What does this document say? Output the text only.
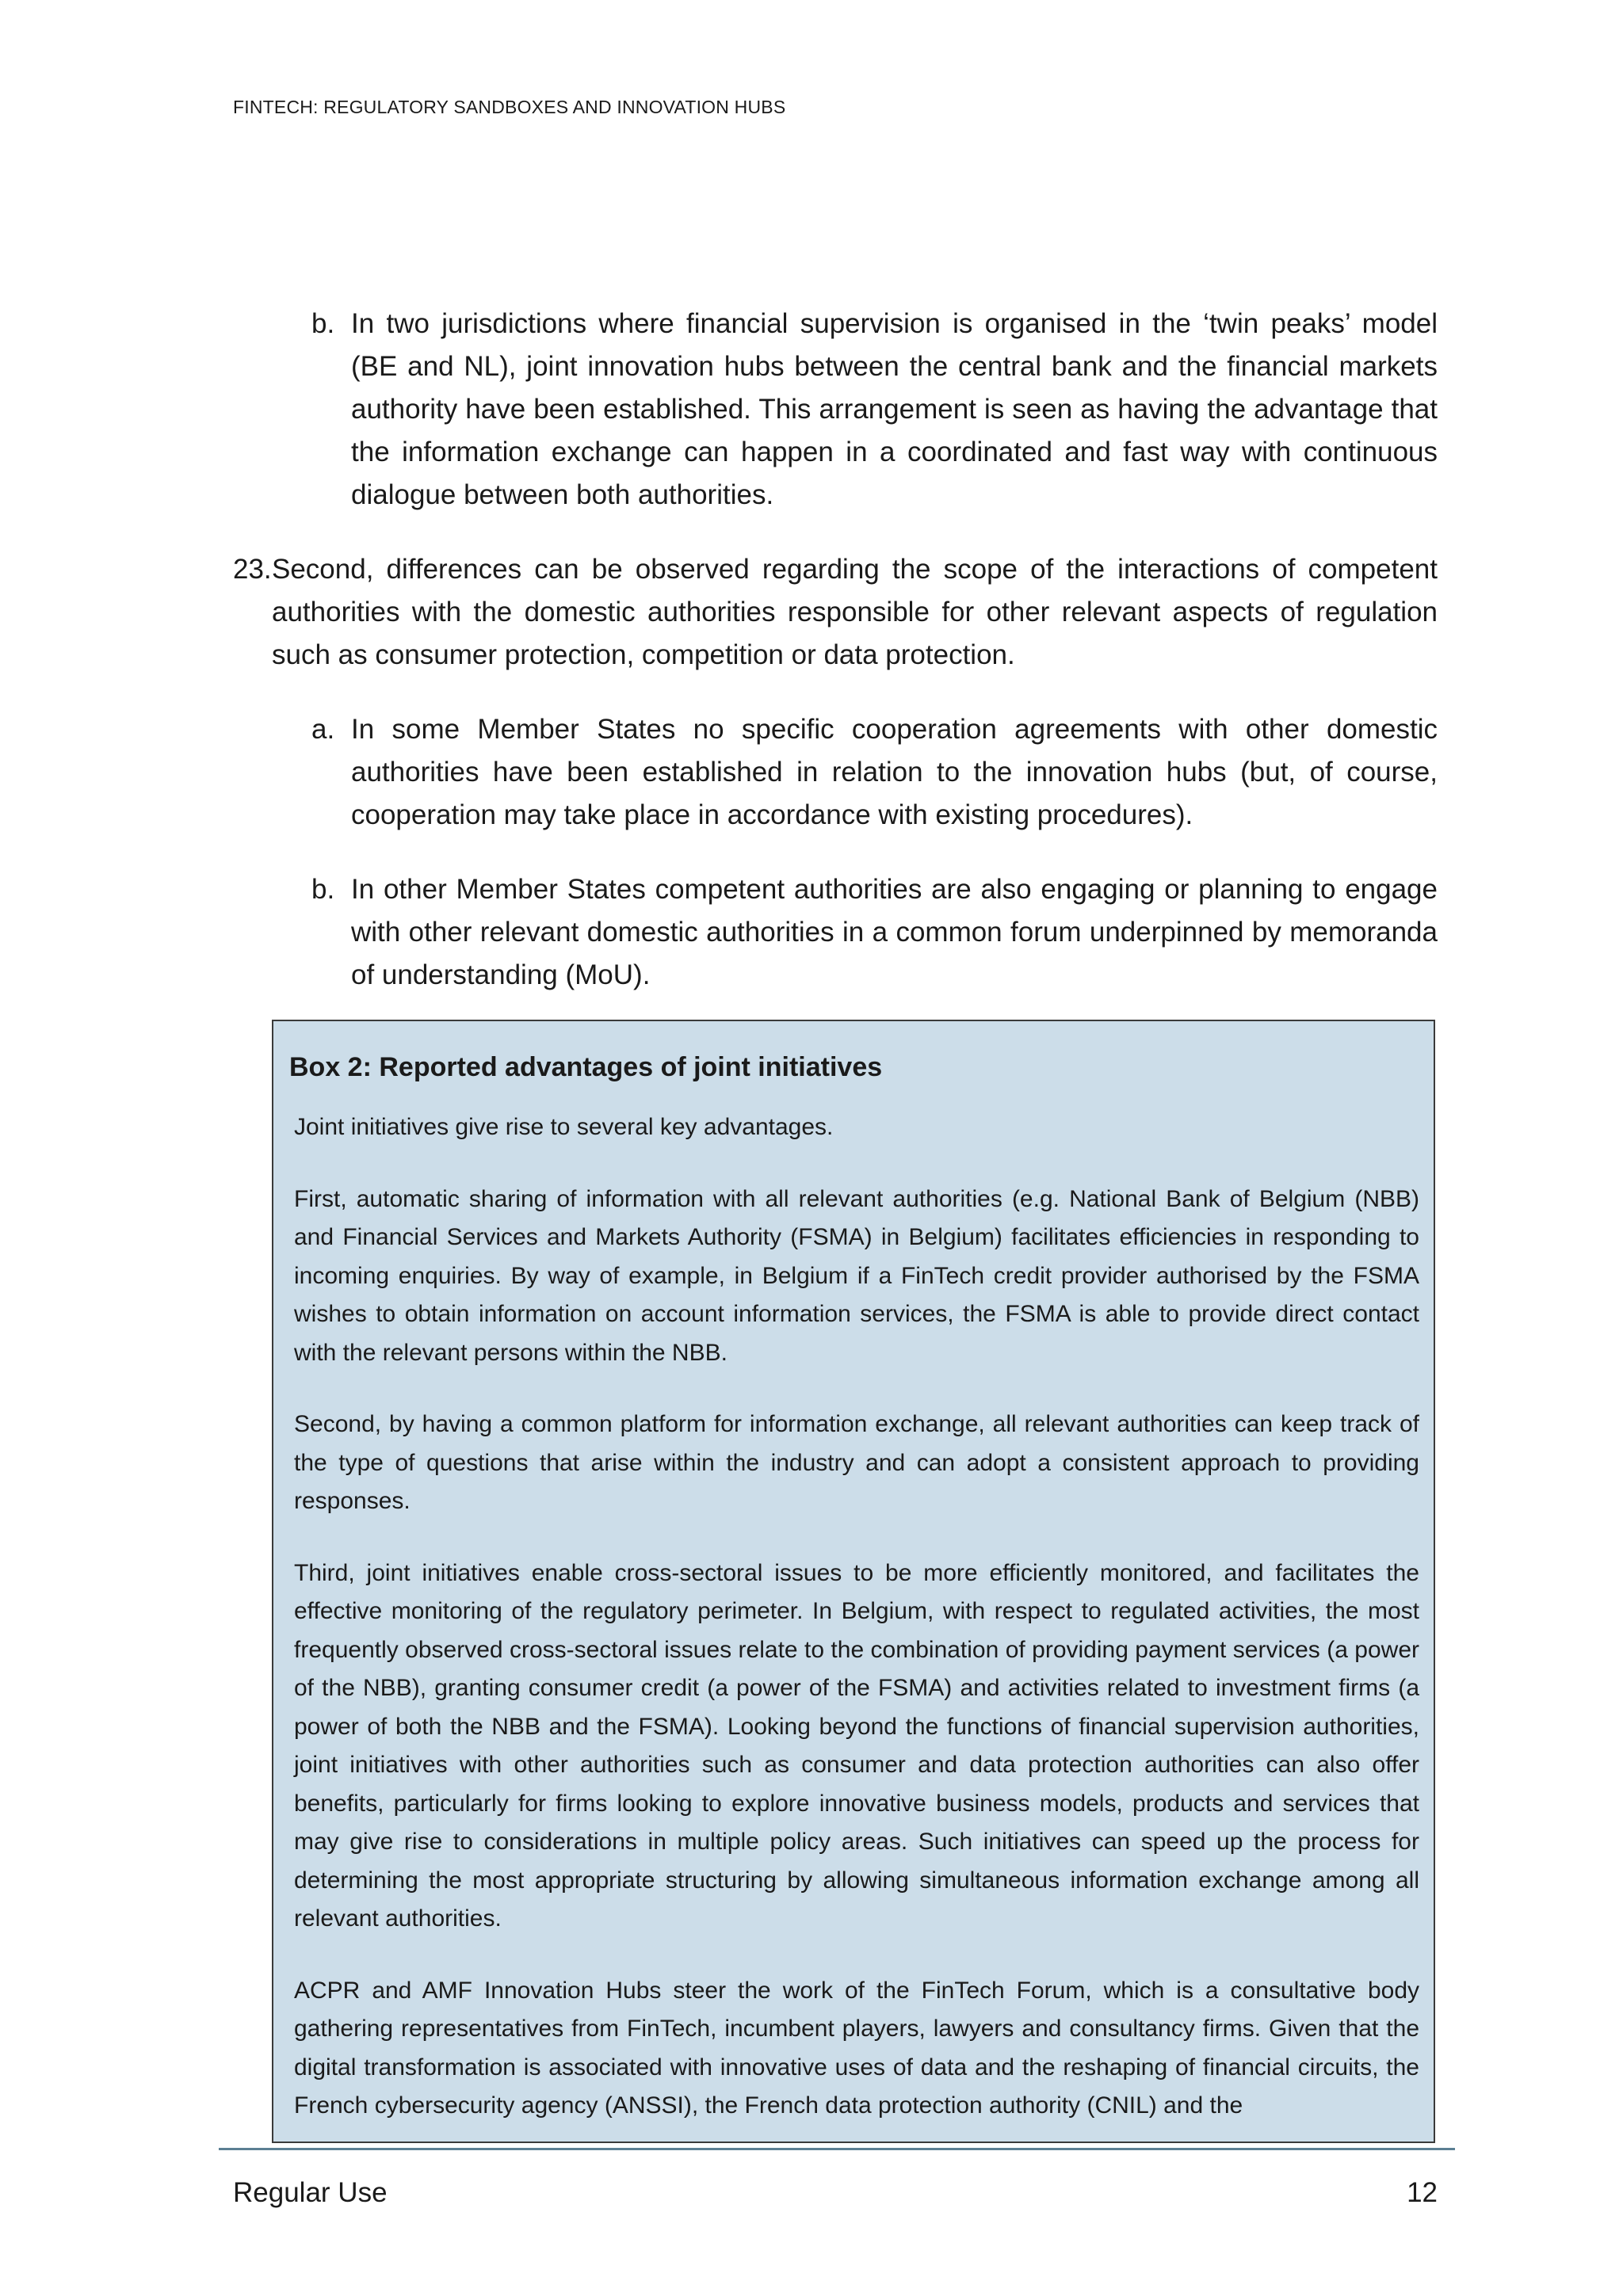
FINTECH: REGULATORY SANDBOXES AND INNOVATION HUBS

b. In two jurisdictions where financial supervision is organised in the ‘twin peaks’ model (BE and NL), joint innovation hubs between the central bank and the financial markets authority have been established. This arrangement is seen as having the advantage that the information exchange can happen in a coordinated and fast way with continuous dialogue between both authorities.

23. Second, differences can be observed regarding the scope of the interactions of competent authorities with the domestic authorities responsible for other relevant aspects of regulation such as consumer protection, competition or data protection.

a. In some Member States no specific cooperation agreements with other domestic authorities have been established in relation to the innovation hubs (but, of course, cooperation may take place in accordance with existing procedures).

b. In other Member States competent authorities are also engaging or planning to engage with other relevant domestic authorities in a common forum underpinned by memoranda of understanding (MoU).

Box 2: Reported advantages of joint initiatives

Joint initiatives give rise to several key advantages.

First, automatic sharing of information with all relevant authorities (e.g. National Bank of Belgium (NBB) and Financial Services and Markets Authority (FSMA) in Belgium) facilitates efficiencies in responding to incoming enquiries. By way of example, in Belgium if a FinTech credit provider authorised by the FSMA wishes to obtain information on account information services, the FSMA is able to provide direct contact with the relevant persons within the NBB.

Second, by having a common platform for information exchange, all relevant authorities can keep track of the type of questions that arise within the industry and can adopt a consistent approach to providing responses.

Third, joint initiatives enable cross-sectoral issues to be more efficiently monitored, and facilitates the effective monitoring of the regulatory perimeter. In Belgium, with respect to regulated activities, the most frequently observed cross-sectoral issues relate to the combination of providing payment services (a power of the NBB), granting consumer credit (a power of the FSMA) and activities related to investment firms (a power of both the NBB and the FSMA). Looking beyond the functions of financial supervision authorities, joint initiatives with other authorities such as consumer and data protection authorities can also offer benefits, particularly for firms looking to explore innovative business models, products and services that may give rise to considerations in multiple policy areas. Such initiatives can speed up the process for determining the most appropriate structuring by allowing simultaneous information exchange among all relevant authorities.

ACPR and AMF Innovation Hubs steer the work of the FinTech Forum, which is a consultative body gathering representatives from FinTech, incumbent players, lawyers and consultancy firms. Given that the digital transformation is associated with innovative uses of data and the reshaping of financial circuits, the French cybersecurity agency (ANSSI), the French data protection authority (CNIL) and the

Regular Use	12
